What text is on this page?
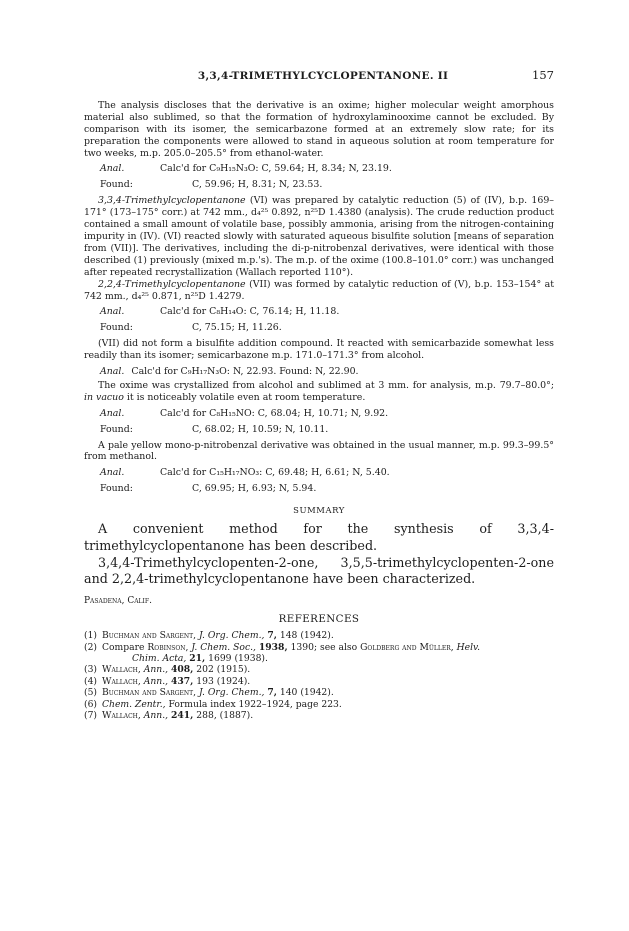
3,3,4-TRIMETHYLCYCLOPENTANONE. II	157

The analysis discloses that the derivative is an oxime; higher molecular weight amorphous material also sublimed, so that the formation of hydroxylaminooxime cannot be excluded. By comparison with its isomer, the semicarbazone formed at an extremely slow rate; for its preparation the components were allowed to stand in aqueous solution at room temperature for two weeks, m.p. 205.0–205.5° from ethanol-water.

Anal.	Calc'd for C₉H₁₅N₃O: C, 59.64; H, 8.34; N, 23.19.
Found:	C, 59.96; H, 8.31; N, 23.53.

3,3,4-Trimethylcyclopentanone (VI) was prepared by catalytic reduction (5) of (IV), b.p. 169–171° (173–175° corr.) at 742 mm., d₄²⁵ 0.892, n²⁵D 1.4380 (analysis). The crude reduction product contained a small amount of volatile base, possibly ammonia, arising from the nitrogen-containing impurity in (IV). (VI) reacted slowly with saturated aqueous bisulfite solution [means of separation from (VII)]. The derivatives, including the di-p-nitrobenzal derivatives, were identical with those described (1) previously (mixed m.p.'s). The m.p. of the oxime (100.8–101.0° corr.) was unchanged after repeated recrystallization (Wallach reported 110°).

2,2,4-Trimethylcyclopentanone (VII) was formed by catalytic reduction of (V), b.p. 153–154° at 742 mm., d₄²⁵ 0.871, n²⁵D 1.4279.

Anal.	Calc'd for C₈H₁₄O: C, 76.14; H, 11.18.
Found:	C, 75.15; H, 11.26.

(VII) did not form a bisulfite addition compound. It reacted with semicarbazide somewhat less readily than its isomer; semicarbazone m.p. 171.0–171.3° from alcohol.

Anal. Calc'd for C₉H₁₇N₃O: N, 22.93. Found: N, 22.90.

The oxime was crystallized from alcohol and sublimed at 3 mm. for analysis, m.p. 79.7–80.0°; in vacuo it is noticeably volatile even at room temperature.

Anal.	Calc'd for C₈H₁₅NO: C, 68.04; H, 10.71; N, 9.92.
Found:	C, 68.02; H, 10.59; N, 10.11.

A pale yellow mono-p-nitrobenzal derivative was obtained in the usual manner, m.p. 99.3–99.5° from methanol.

Anal.	Calc'd for C₁₅H₁₇NO₃: C, 69.48; H, 6.61; N, 5.40.
Found:	C, 69.95; H, 6.93; N, 5.94.
SUMMARY

A convenient method for the synthesis of 3,3,4-trimethylcyclopentanone has been described.

3,4,4-Trimethylcyclopenten-2-one, 3,5,5-trimethylcyclopenten-2-one and 2,2,4-trimethylcyclopentanone have been characterized.

Pasadena, Calif.
REFERENCES
(1) Buchman and Sargent, J. Org. Chem., 7, 148 (1942).
(2) Compare Robinson, J. Chem. Soc., 1938, 1390; see also Goldberg and Müller, Helv.
Chim. Acta, 21, 1699 (1938).
(3) Wallach, Ann., 408, 202 (1915).
(4) Wallach, Ann., 437, 193 (1924).
(5) Buchman and Sargent, J. Org. Chem., 7, 140 (1942).
(6) Chem. Zentr., Formula index 1922–1924, page 223.
(7) Wallach, Ann., 241, 288, (1887).
